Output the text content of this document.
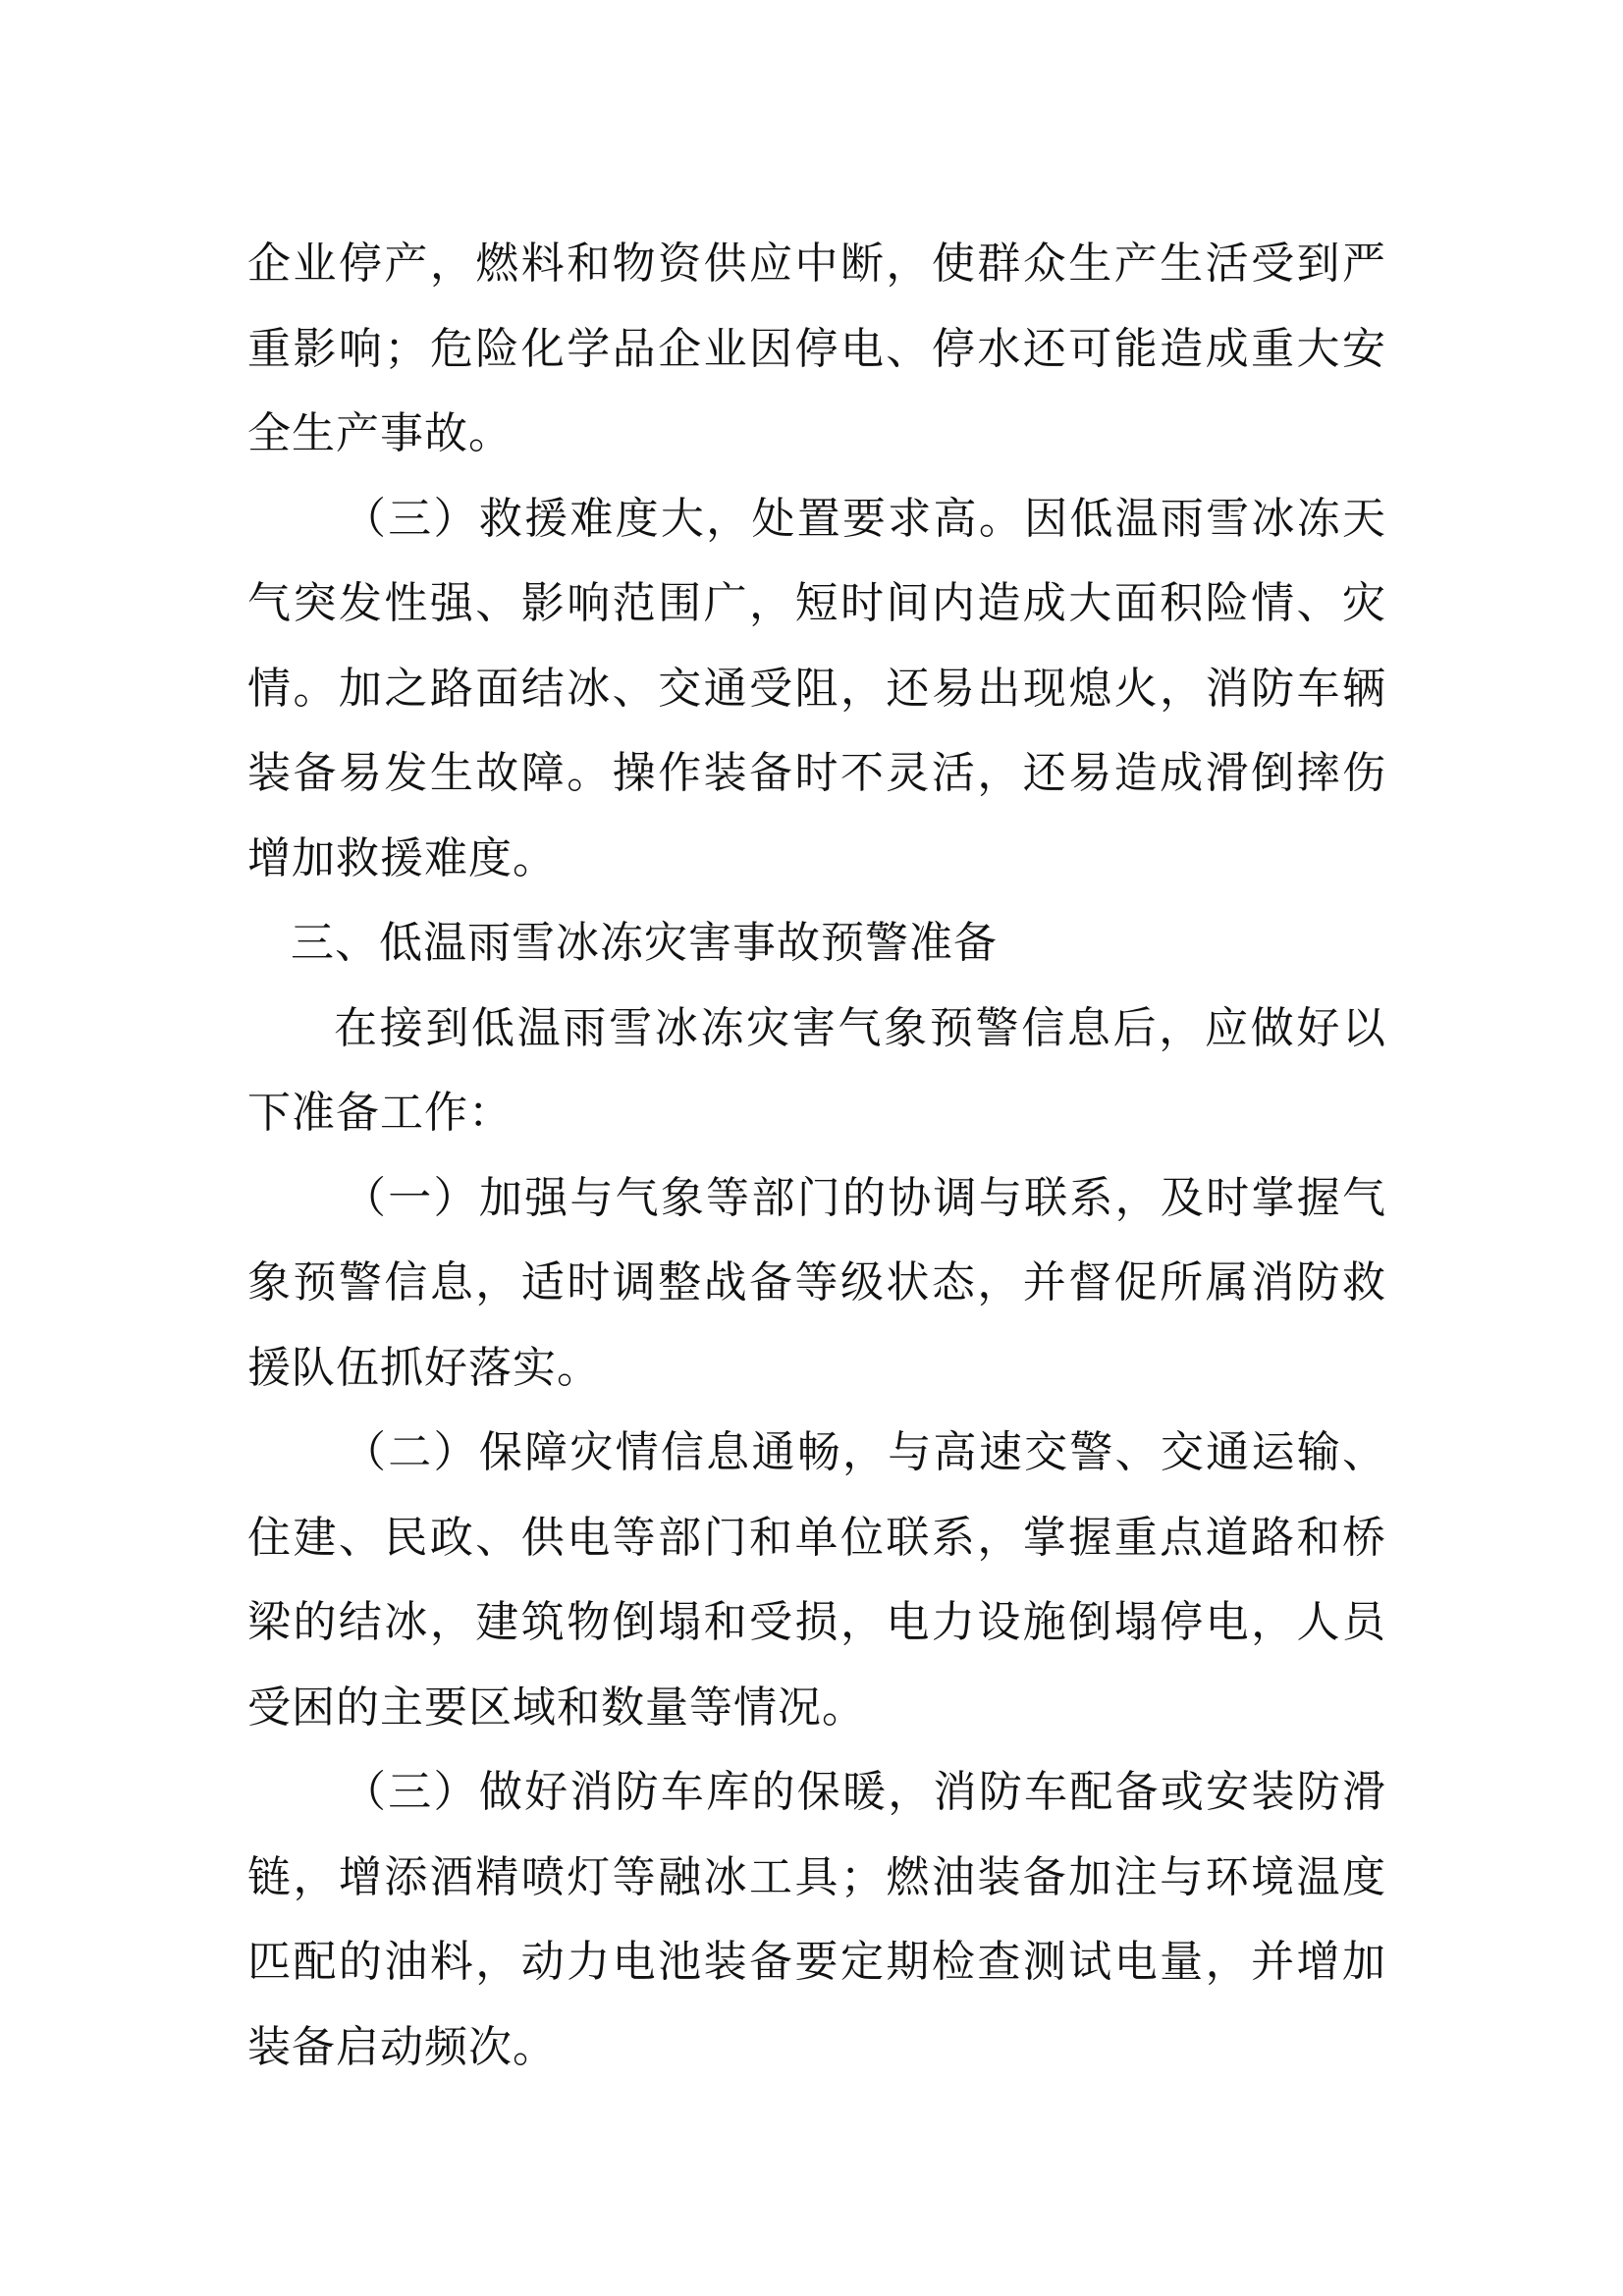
企业停产，燃料和物资供应中断，使群众生产生活受到严重影响；危险化学品企业因停电、停水还可能造成重大安全生产事故。

（三）救援难度大，处置要求高。因低温雨雪冰冻天气突发性强、影响范围广，短时间内造成大面积险情、灾情。加之路面结冰、交通受阻，还易出现熄火，消防车辆装备易发生故障。操作装备时不灵活，还易造成滑倒摔伤增加救援难度。

三、低温雨雪冰冻灾害事故预警准备

在接到低温雨雪冰冻灾害气象预警信息后，应做好以下准备工作：

（一）加强与气象等部门的协调与联系，及时掌握气象预警信息，适时调整战备等级状态，并督促所属消防救援队伍抓好落实。

（二）保障灾情信息通畅，与高速交警、交通运输、住建、民政、供电等部门和单位联系，掌握重点道路和桥梁的结冰，建筑物倒塌和受损，电力设施倒塌停电，人员受困的主要区域和数量等情况。

（三）做好消防车库的保暖，消防车配备或安装防滑链，增添酒精喷灯等融冰工具；燃油装备加注与环境温度匹配的油料，动力电池装备要定期检查测试电量，并增加装备启动频次。
